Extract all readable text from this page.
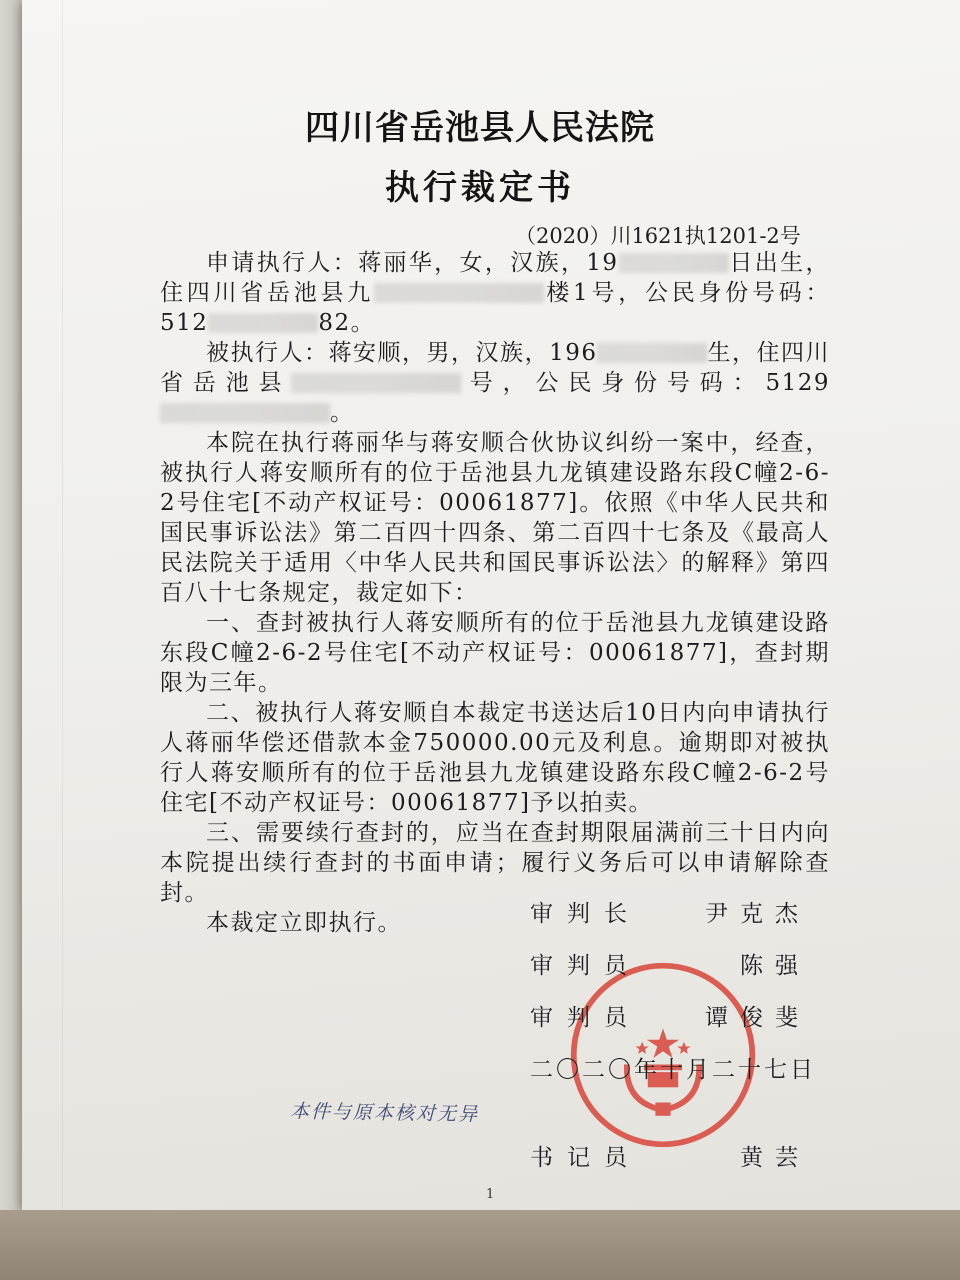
四川省岳池县人民法院
执行裁定书
（2020）川1621执1201-2号

申请执行人：蒋丽华，女，汉族，19	日出生，住四川省岳池县九	楼1号，公民身份号码：512	82。

被执行人：蒋安顺，男，汉族，196	生，住四川省岳池县	号，公民身份号码：5129。

本院在执行蒋丽华与蒋安顺合伙协议纠纷一案中，经查，被执行人蒋安顺所有的位于岳池县九龙镇建设路东段C幢2-6-2号住宅[不动产权证号：00061877]。依照《中华人民共和国民事诉讼法》第二百四十四条、第二百四十七条及《最高人民法院关于适用〈中华人民共和国民事诉讼法〉的解释》第四百八十七条规定，裁定如下：

一、查封被执行人蒋安顺所有的位于岳池县九龙镇建设路东段C幢2-6-2号住宅[不动产权证号：00061877]，查封期限为三年。

二、被执行人蒋安顺自本裁定书送达后10日内向申请执行人蒋丽华偿还借款本金750000.00元及利息。逾期即对被执行人蒋安顺所有的位于岳池县九龙镇建设路东段C幢2-6-2号住宅[不动产权证号：00061877]予以拍卖。

三、需要续行查封的，应当在查封期限届满前三十日内向本院提出续行查封的书面申请；履行义务后可以申请解除查封。

本裁定立即执行。	审判长	尹克杰
审判员	陈强
审判员	谭俊斐
二〇二〇年十月二十七日
书记员	黄芸
本件与原本核对无异
1
